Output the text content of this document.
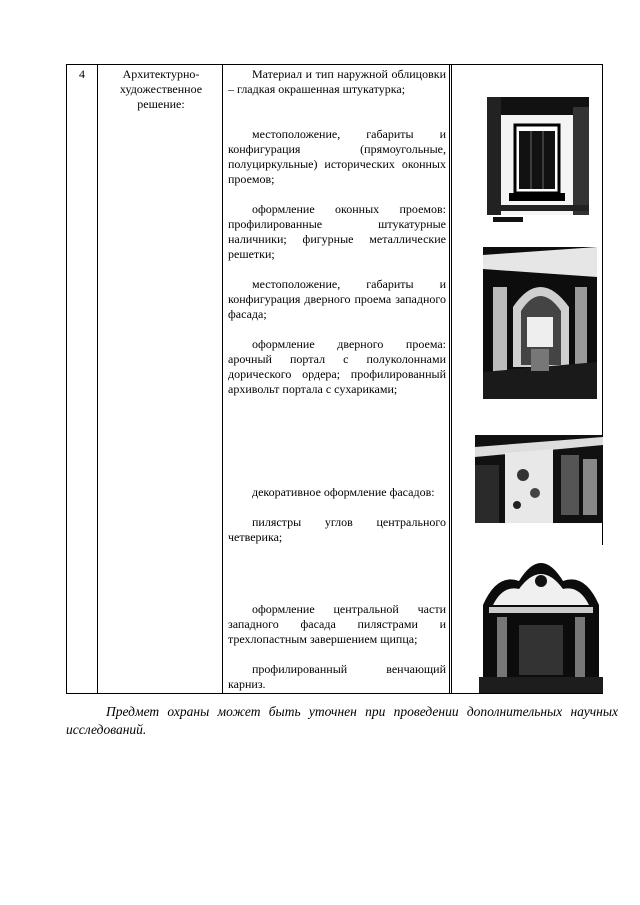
4	Архитектурно-художественное решение:
Материал и тип наружной облицовки – гладкая окрашенная штукатурка;
местоположение, габариты и конфигурация (прямоугольные, полуциркульные) исторических оконных проемов;
оформление оконных проемов: профилированные штукатурные наличники; фигурные металлические решетки;
местоположение, габариты и конфигурация дверного проема западного фасада;
оформление дверного проема: арочный портал с полуколоннами дорического ордера; профилированный архивольт портала с сухариками;
декоративное оформление фасадов:
пилястры углов центрального четверика;
оформление центральной части западного фасада пилястрами и трехлопастным завершением щипца;
профилированный венчающий карниз.
Предмет охраны может быть уточнен при проведении дополнительных научных исследований.
